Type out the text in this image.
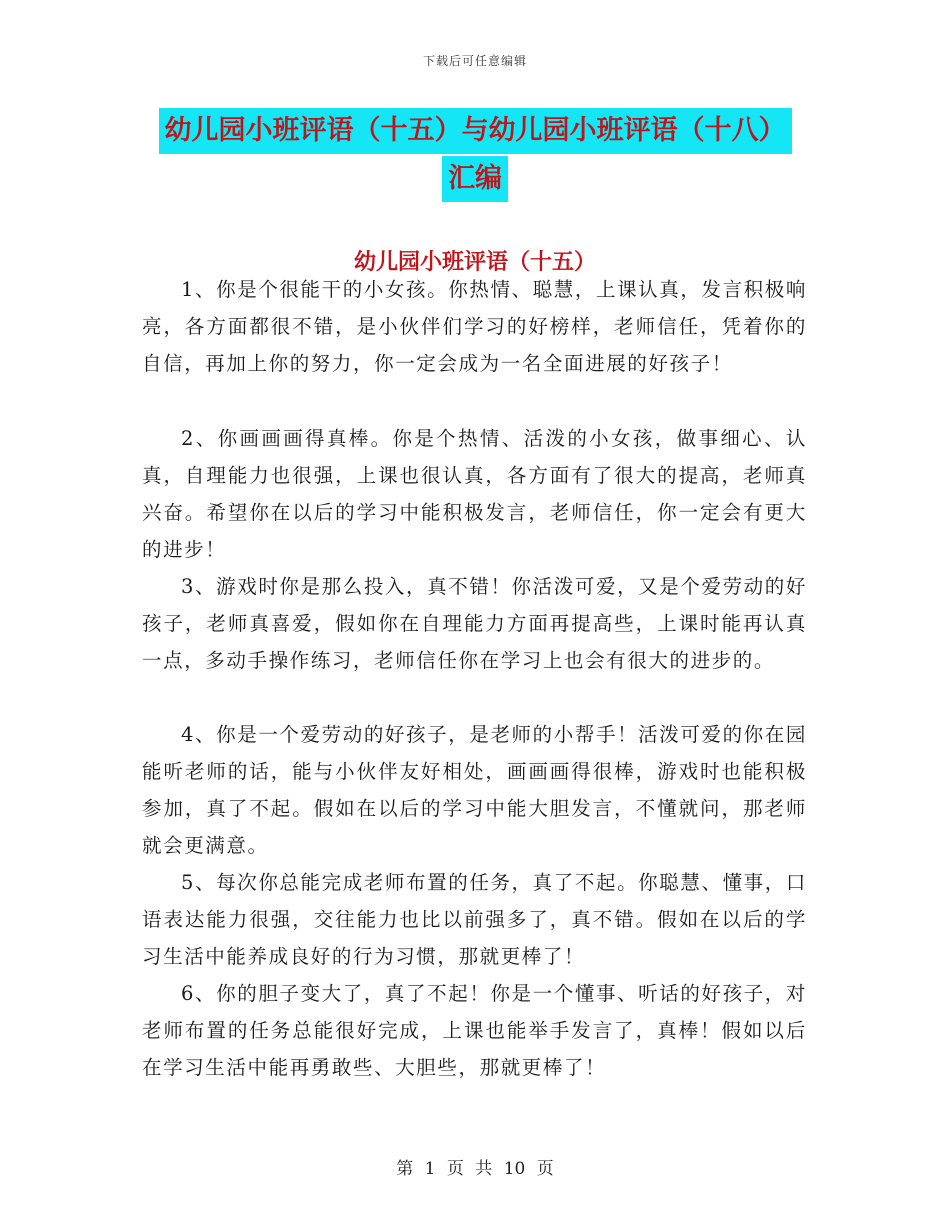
下载后可任意编辑
幼儿园小班评语（十五）与幼儿园小班评语（十八）
汇编
幼儿园小班评语（十五）

1、你是个很能干的小女孩。你热情、聪慧，上课认真，发言积极响亮，各方面都很不错，是小伙伴们学习的好榜样，老师信任，凭着你的自信，再加上你的努力，你一定会成为一名全面进展的好孩子！

2、你画画画得真棒。你是个热情、活泼的小女孩，做事细心、认真，自理能力也很强，上课也很认真，各方面有了很大的提高，老师真兴奋。希望你在以后的学习中能积极发言，老师信任，你一定会有更大的进步！

3、游戏时你是那么投入，真不错！你活泼可爱，又是个爱劳动的好孩子，老师真喜爱，假如你在自理能力方面再提高些，上课时能再认真一点，多动手操作练习，老师信任你在学习上也会有很大的进步的。

4、你是一个爱劳动的好孩子，是老师的小帮手！活泼可爱的你在园能听老师的话，能与小伙伴友好相处，画画画得很棒，游戏时也能积极参加，真了不起。假如在以后的学习中能大胆发言，不懂就问，那老师就会更满意。

5、每次你总能完成老师布置的任务，真了不起。你聪慧、懂事，口语表达能力很强，交往能力也比以前强多了，真不错。假如在以后的学习生活中能养成良好的行为习惯，那就更棒了！

6、你的胆子变大了，真了不起！你是一个懂事、听话的好孩子，对老师布置的任务总能很好完成，上课也能举手发言了，真棒！假如以后在学习生活中能再勇敢些、大胆些，那就更棒了！

第 1 页 共 10 页
